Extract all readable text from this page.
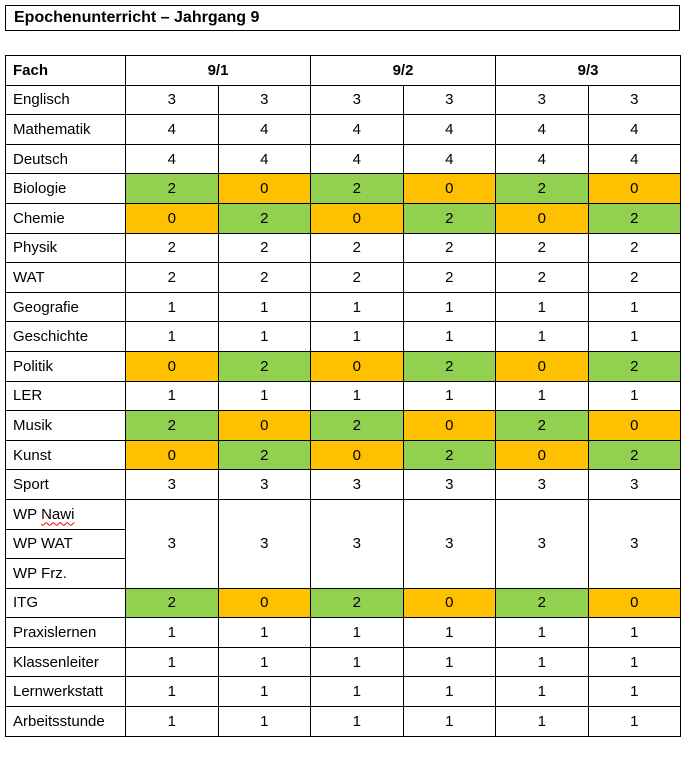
Epochenunterricht – Jahrgang 9
Fach	9/1		9/2		9/3	
Englisch	3	3	3	3	3	3
Mathematik	4	4	4	4	4	4
Deutsch	4	4	4	4	4	4
Biologie	2	0	2	0	2	0
Chemie	0	2	0	2	0	2
Physik	2	2	2	2	2	2
WAT	2	2	2	2	2	2
Geografie	1	1	1	1	1	1
Geschichte	1	1	1	1	1	1
Politik	0	2	0	2	0	2
LER	1	1	1	1	1	1
Musik	2	0	2	0	2	0
Kunst	0	2	0	2	0	2
Sport	3	3	3	3	3	3
WP Nawi	3	3	3	3	3	3
WP WAT						
WP Frz.						
ITG	2	0	2	0	2	0
Praxislernen	1	1	1	1	1	1
Klassenleiter	1	1	1	1	1	1
Lernwerkstatt	1	1	1	1	1	1
Arbeitsstunde	1	1	1	1	1	1
